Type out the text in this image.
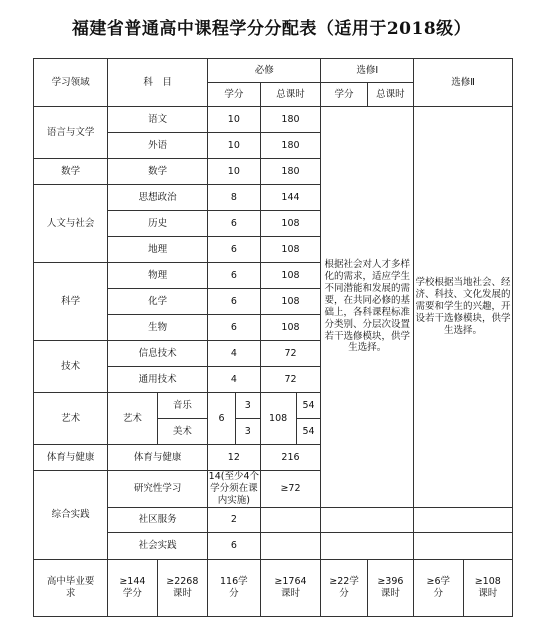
福建省普通高中课程学分分配表（适用于2018级）
学习领域	科　目		必修				选修Ⅰ		选修Ⅱ	
			学分		总课时		学分	总课时		
语言与文学	语文		10		180		根据社会对人才多样化的需求，适应学生不同潜能和发展的需要，在共同必修的基础上，各科课程标准分类别、分层次设置若干选修模块，供学生选择。		学校根据当地社会、经济、科技、文化发展的需要和学生的兴趣，开设若干选修模块，供学生选择。	
	外语		10		180					
数学	数学		10		180					
人文与社会	思想政治		8		144					
	历史		6		108					
	地理		6		108					
科学	物理		6		108					
	化学		6		108					
	生物		6		108					
技术	信息技术		4		72					
	通用技术		4		72					
艺术	艺术	音乐	6	3	108	54				
		美术		3		54				
体育与健康	体育与健康		12		216					
综合实践	研究性学习		14(至少4个学分须在课内实施)		≥72					
	社区服务		2							
	社会实践		6							
高中毕业要求	≥144学分	≥2268课时	116学分		≥1764课时		≥22学分	≥396课时	≥6学分	≥108课时
